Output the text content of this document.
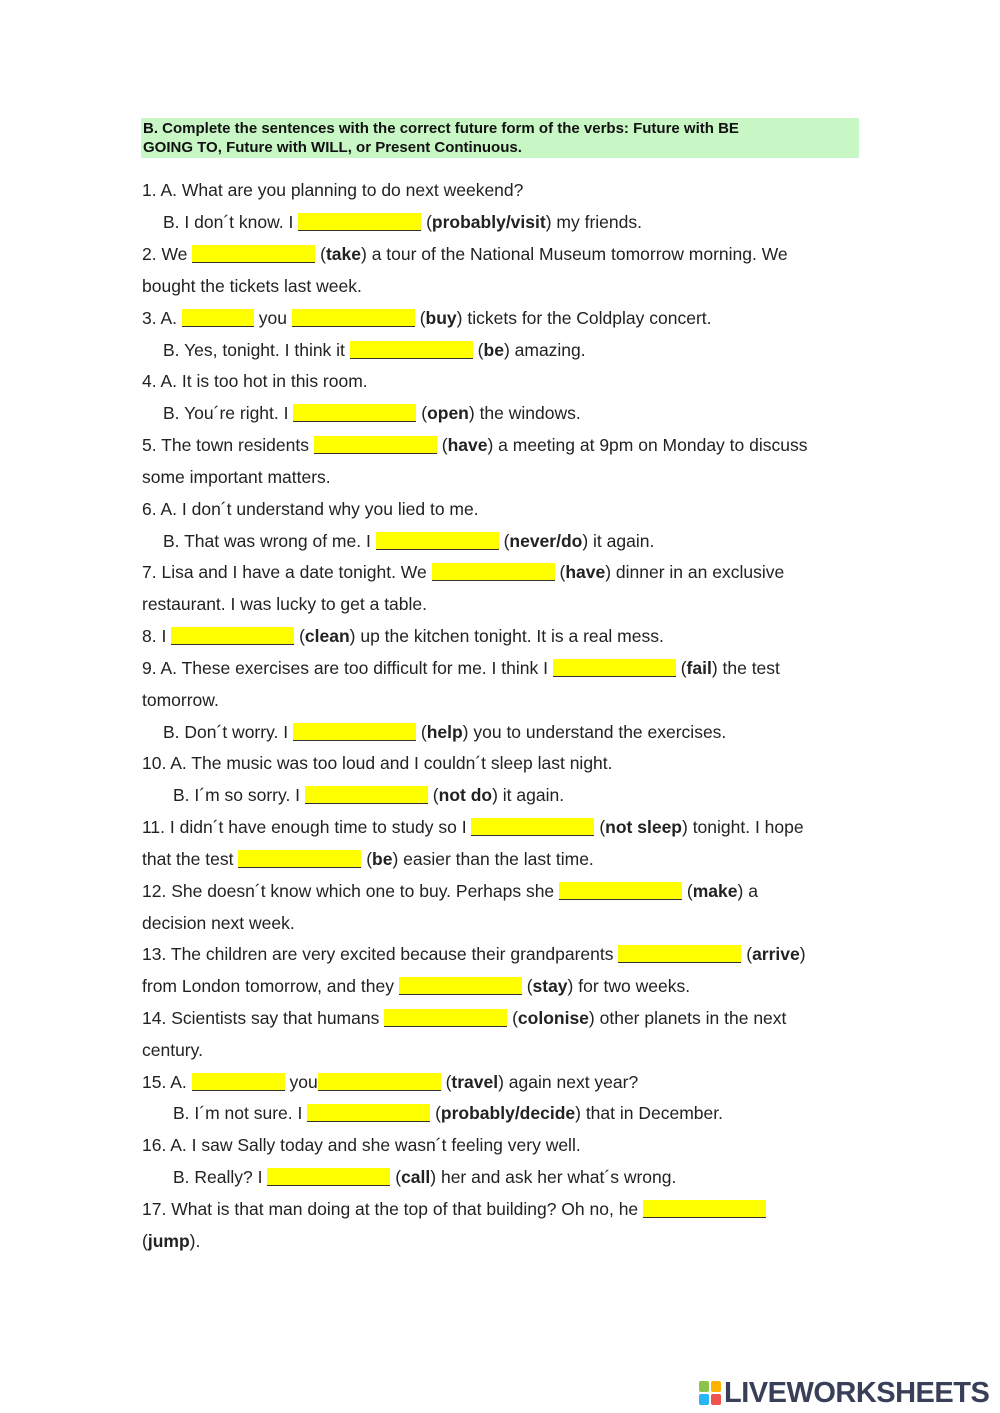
B. Complete the sentences with the correct future form of the verbs: Future with BE
GOING TO, Future with WILL, or Present Continuous.
1. A. What are you planning to do next weekend?
B. I don´t know. I	(probably/visit) my friends.
2. We	(take) a tour of the National Museum tomorrow morning. We
bought the tickets last week.
3. A.	you	(buy) tickets for the Coldplay concert.
B. Yes, tonight. I think it	(be) amazing.
4. A. It is too hot in this room.
B. You´re right. I	(open) the windows.
5. The town residents	(have) a meeting at 9pm on Monday to discuss
some important matters.
6. A. I don´t understand why you lied to me.
B. That was wrong of me. I	(never/do) it again.
7. Lisa and I have a date tonight. We	(have) dinner in an exclusive
restaurant. I was lucky to get a table.
8. I	(clean) up the kitchen tonight. It is a real mess.
9. A. These exercises are too difficult for me. I think I	(fail) the test
tomorrow.
B. Don´t worry. I	(help) you to understand the exercises.
10. A. The music was too loud and I couldn´t sleep last night.
B. I´m so sorry. I	(not do) it again.
11. I didn´t have enough time to study so I	(not sleep) tonight. I hope
that the test	(be) easier than the last time.
12. She doesn´t know which one to buy. Perhaps she	(make) a
decision next week.
13. The children are very excited because their grandparents	(arrive)
from London tomorrow, and they	(stay) for two weeks.
14. Scientists say that humans	(colonise) other planets in the next
century.
15. A.	you	(travel) again next year?
B. I´m not sure. I	(probably/decide) that in December.
16. A. I saw Sally today and she wasn´t feeling very well.
B. Really? I	(call) her and ask her what´s wrong.
17. What is that man doing at the top of that building? Oh no, he
(jump).
LIVEWORKSHEETS
